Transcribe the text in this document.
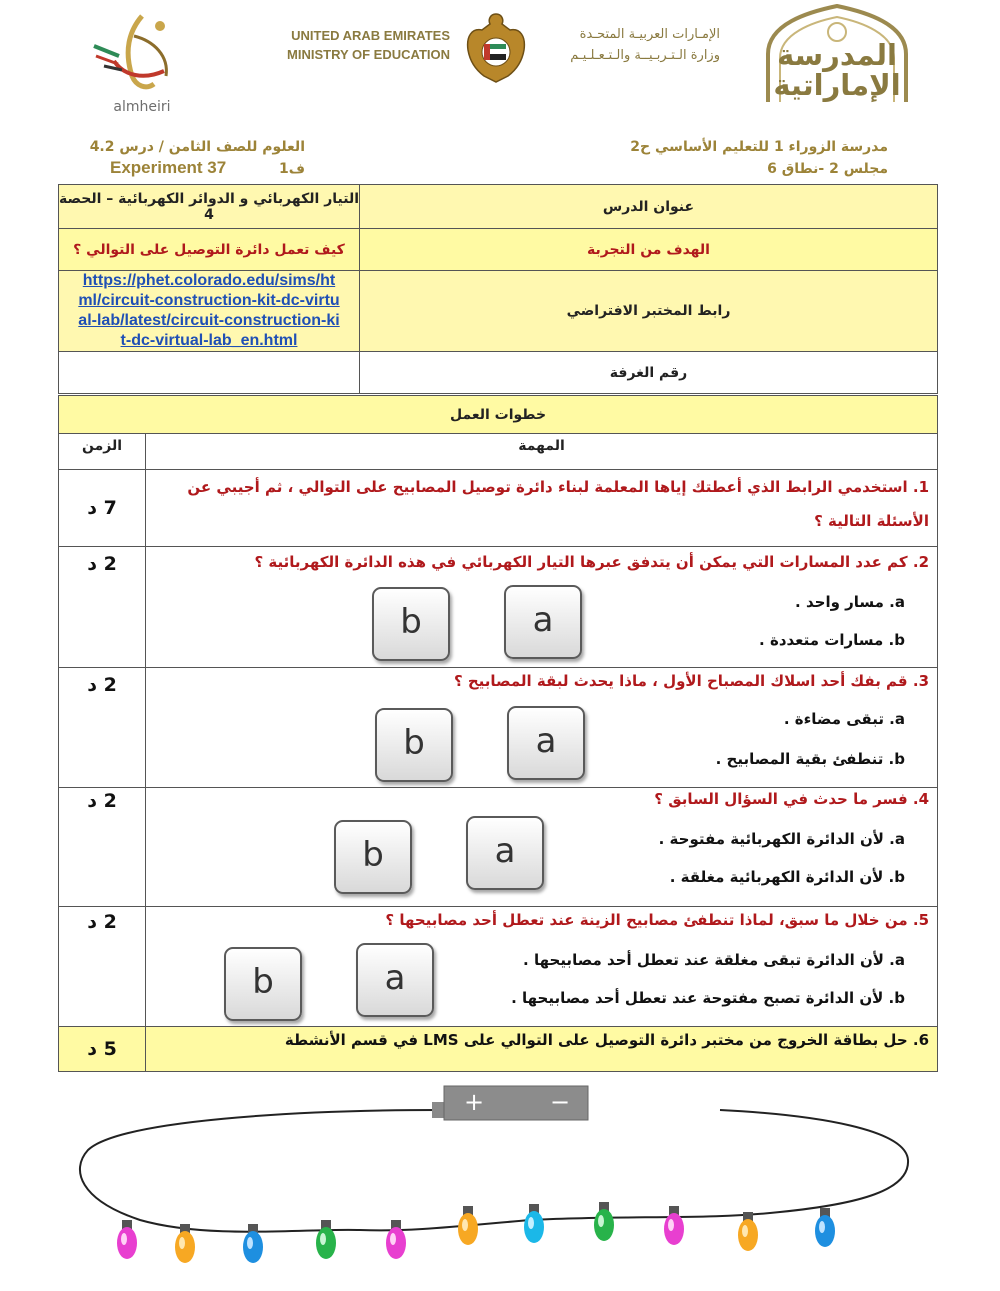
almheiri
UNITED ARAB EMIRATES
MINISTRY OF EDUCATION
الإمـارات العربيـة المتحـدة
وزارة الـتـربـيــة والـتـعـلـيـم	المدرسة
الإماراتية
مدرسة الزوراء 1 للتعليم الأساسي ح2
مجلس 2 -نطاق 6
العلوم للصف الثامن / درس 4.2 ف1
Experiment 37
التيار الكهربائي و الدوائر الكهربائية – الحصة 4	عنوان الدرس
كيف تعمل دائرة التوصيل على التوالي ؟	الهدف من التجربة
https://phet.colorado.edu/sims/html/circuit-construction-kit-dc-virtual-lab/latest/circuit-construction-kit-dc-virtual-lab_en.html	رابط المختبر الافتراضي
	رقم الغرفة
خطوات العمل	
الزمن	المهمة
7 د	1. استخدمي الرابط الذي أعطتك إياها المعلمة لبناء دائرة توصيل المصابيح على التوالي ، ثم أجيبي عن الأسئلة التالية ؟
2 د	2. كم عدد المسارات التي يمكن أن يتدفق عبرها التيار الكهربائي في هذه الدائرة الكهربائية ؟
a. مسار واحد .
b. مسارات متعددة .
a
b

2 د	3. قم بفك أحد اسلاك المصباح الأول ، ماذا يحدث لبقة المصابيح ؟
a. تبقى مضاءة .
b. تنطفئ بقية المصابيح .
a
b

2 د	4. فسر ما حدث في السؤال السابق ؟
a. لأن الدائرة الكهربائية مفتوحة .
b. لأن الدائرة الكهربائية مغلقة .
a
b

2 د	5. من خلال ما سبق، لماذا تنطفئ مصابيح الزينة عند تعطل أحد مصابيحها ؟
a. لأن الدائرة تبقى مغلقة عند تعطل أحد مصابيحها .
b. لأن الدائرة تصبح مفتوحة عند تعطل أحد مصابيحها .
a
b

5 د	6. حل بطاقة الخروج من مختبر دائرة التوصيل على التوالي على LMS في قسم الأنشطة
+	−
